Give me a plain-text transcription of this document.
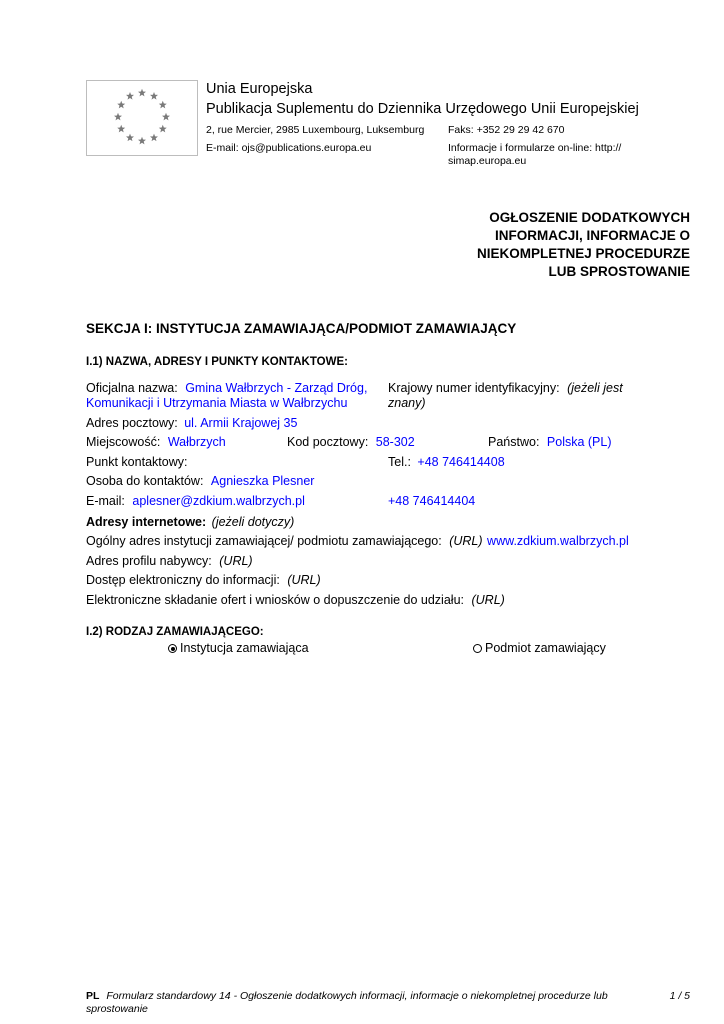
Unia Europejska
Publikacja Suplementu do Dziennika Urzędowego Unii Europejskiej
2, rue Mercier, 2985 Luxembourg, Luksemburg Faks: +352 29 29 42 670
E-mail: ojs@publications.europa.eu	Informacje i formularze on-line: http://
simap.europa.eu
OGŁOSZENIE DODATKOWYCH
INFORMACJI, INFORMACJE O
NIEKOMPLETNEJ PROCEDURZE
LUB SPROSTOWANIE
SEKCJA I: INSTYTUCJA ZAMAWIAJĄCA/PODMIOT ZAMAWIAJĄCY
I.1) NAZWA, ADRESY I PUNKTY KONTAKTOWE:
Oficjalna nazwa: Gmina Wałbrzych - Zarząd Dróg,
Komunikacji i Utrzymania Miasta w Wałbrzychu
Krajowy numer identyfikacyjny: (jeżeli jest
znany)
Adres pocztowy: ul. Armii Krajowej 35
Miejscowość: Wałbrzych	Kod pocztowy: 58-302	Państwo: Polska (PL)
Punkt kontaktowy:	Tel.: +48 746414408
Osoba do kontaktów: Agnieszka Plesner
E-mail: aplesner@zdkium.walbrzych.pl	+48 746414404
Adresy internetowe: (jeżeli dotyczy)
Ogólny adres instytucji zamawiającej/ podmiotu zamawiającego: (URL) www.zdkium.walbrzych.pl
Adres profilu nabywcy: (URL)
Dostęp elektroniczny do informacji: (URL)
Elektroniczne składanie ofert i wniosków o dopuszczenie do udziału: (URL)
I.2) RODZAJ ZAMAWIAJĄCEGO:
Instytucja zamawiająca	Podmiot zamawiający
PL Formularz standardowy 14 - Ogłoszenie dodatkowych informacji, informacje o niekompletnej procedurze lub
sprostowanie
1 / 5
